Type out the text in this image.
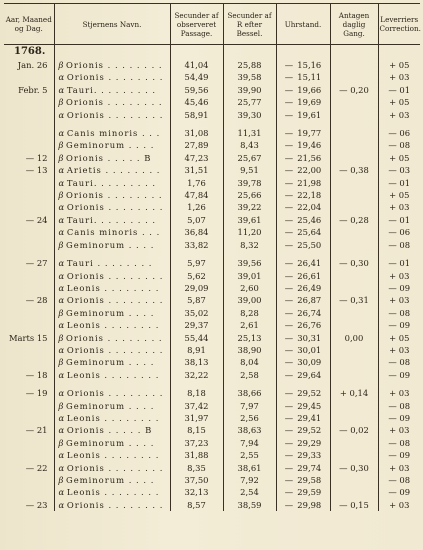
Aar, Maaned og Dag.	Stjernens Navn.	Secunder af observeret Passage.	Secunder af R efter Bessel.	Uhrstand.	Antagen daglig Gang.	Leverriers Correction.
1768.						
Jan. 26	β Orionis . . . . . . . .	41,04	25,88	—  15,16		+ 05
	α Orionis . . . . . . . .	54,49	39,58	—  15,11		+ 03
Febr. 5	α Tauri. . . . . . . . .	59,56	39,90	—  19,66	— 0,20	— 01
	β Orionis . . . . . . . .	45,46	25,77	—  19,69		+ 05
	α Orionis . . . . . . . .	58,91	39,30	—  19,61		+ 03

	α Canis minoris . . .	31,08	11,31	—  19,77		— 06
	β Geminorum . . . .	27,89	8,43	—  19,46		— 08
— 12	β Orionis . . . . . B	47,23	25,67	—  21,56		+ 05
— 13	α Arietis . . . . . . . .	31,51	9,51	—  22,00	— 0,38	— 03
	α Tauri. . . . . . . . .	1,76	39,78	—  21,98		— 01
	β Orionis . . . . . . . .	47,84	25,66	—  22,18		+ 05
	α Orionis . . . . . . . .	1,26	39,22	—  22,04		+ 03
— 24	α Tauri. . . . . . . . .	5,07	39,61	—  25,46	— 0,28	— 01
	α Canis minoris . . .	36,84	11,20	—  25,64		— 06
	β Geminorum . . . .	33,82	8,32	—  25,50		— 08

— 27	α Tauri . . . . . . . .	5,97	39,56	—  26,41	— 0,30	— 01
	α Orionis . . . . . . . .	5,62	39,01	—  26,61		+ 03
	α Leonis . . . . . . . .	29,09	2,60	—  26,49		— 09
— 28	α Orionis . . . . . . . .	5,87	39,00	—  26,87	— 0,31	+ 03
	β Geminorum . . . .	35,02	8,28	—  26,74		— 08
	α Leonis . . . . . . . .	29,37	2,61	—  26,76		— 09
Marts 15	β Orionis . . . . . . . .	55,44	25,13	—  30,31	0,00	+ 05
	α Orionis . . . . . . . .	8,91	38,90	—  30,01		+ 03
	β Geminorum . . . .	38,13	8,04	—  30,09		— 08
— 18	α Leonis . . . . . . . .	32,22	2,58	—  29,64		— 09

— 19	α Orionis . . . . . . . .	8,18	38,66	—  29,52	+ 0,14	+ 03
	β Geminorum . . . .	37,42	7,97	—  29,45		— 08
	α Leonis . . . . . . . .	31,97	2,56	—  29,41		— 09
— 21	α Orionis . . . . . B	8,15	38,63	—  29,52	— 0,02	+ 03
	β Geminorum . . . .	37,23	7,94	—  29,29		— 08
	α Leonis . . . . . . . .	31,88	2,55	—  29,33		— 09
— 22	α Orionis . . . . . . . .	8,35	38,61	—  29,74	— 0,30	+ 03
	β Geminorum . . . .	37,50	7,92	—  29,58		— 08
	α Leonis . . . . . . . .	32,13	2,54	—  29,59		— 09
— 23	α Orionis . . . . . . . .	8,57	38,59	—  29,98	— 0,15	+ 03
